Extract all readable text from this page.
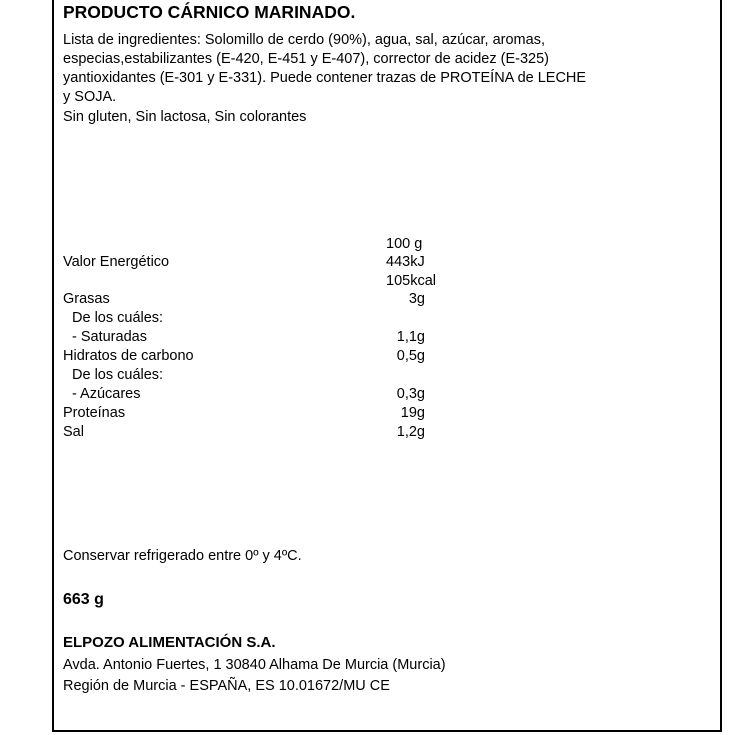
PRODUCTO CÁRNICO MARINADO.
Lista de ingredientes: Solomillo de cerdo (90%), agua, sal, azúcar, aromas,
especias,estabilizantes (E-420, E-451 y E-407), corrector de acidez (E-325)
yantioxidantes (E-301 y E-331). Puede contener trazas de PROTEÍNA de LECHE
y SOJA.
Sin gluten, Sin lactosa, Sin colorantes
100 g
Valor Energético	443kJ
105kcal
Grasas	3g
De los cuáles:
- Saturadas	1,1g
Hidratos de carbono	0,5g
De los cuáles:
- Azúcares	0,3g
Proteínas	19g
Sal	1,2g
Conservar refrigerado entre 0º y 4ºC.
663 g
ELPOZO ALIMENTACIÓN S.A.
Avda. Antonio Fuertes, 1 30840 Alhama De Murcia (Murcia)
Región de Murcia - ESPAÑA, ES 10.01672/MU CE
